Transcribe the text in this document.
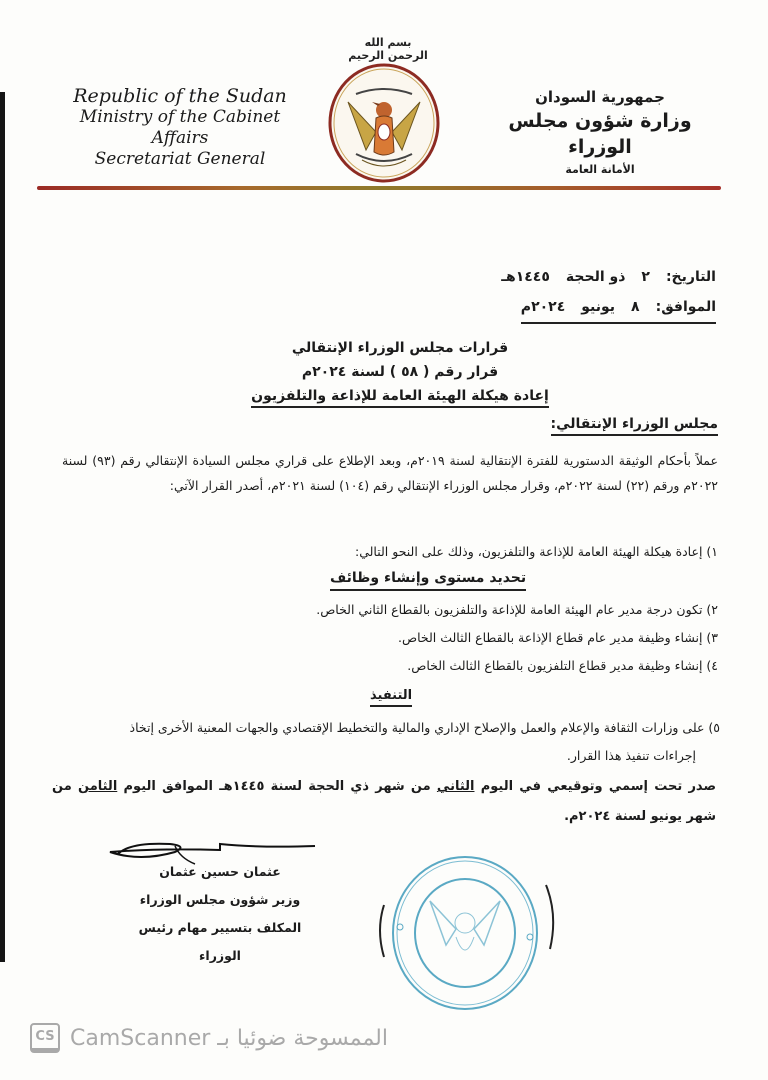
Republic of the Sudan
Ministry of the Cabinet Affairs
Secretariat General
بسم الله الرحمن الرحيم
جمهورية السودان
وزارة شؤون مجلس الوزراء
الأمانة العامة
التاريخ:
٢
ذو الحجة
١٤٤٥هـ
الموافق:
٨
يونيو
٢٠٢٤م
قرارات مجلس الوزراء الإنتقالي
قرار رقم ( ٥٨ ) لسنة ٢٠٢٤م
إعادة هيكلة الهيئة العامة للإذاعة والتلفزيون
مجلس الوزراء الإنتقالي:
عملاً بأحكام الوثيقة الدستورية للفترة الإنتقالية لسنة ٢٠١٩م، وبعد الإطلاع على قراري مجلس السيادة الإنتقالي رقم (٩٣) لسنة ٢٠٢٢م ورقم (٢٢) لسنة ٢٠٢٢م، وقرار مجلس الوزراء الإنتقالي رقم (١٠٤) لسنة ٢٠٢١م، أصدر القرار الآتي:
١) إعادة هيكلة الهيئة العامة للإذاعة والتلفزيون، وذلك على النحو التالي:
تحديد مستوى وإنشاء وظائف
٢) تكون درجة مدير عام الهيئة العامة للإذاعة والتلفزيون بالقطاع الثاني الخاص.
٣) إنشاء وظيفة مدير عام قطاع الإذاعة بالقطاع الثالث الخاص.
٤) إنشاء وظيفة مدير قطاع التلفزيون بالقطاع الثالث الخاص.
التنفيذ
٥) على وزارات الثقافة والإعلام والعمل والإصلاح الإداري والمالية والتخطيط الإقتصادي والجهات المعنية الأخرى إتخاذ
إجراءات تنفيذ هذا القرار.
صدر تحت إسمي وتوقيعي في اليوم الثاني من شهر ذي الحجة لسنة ١٤٤٥هـ الموافق اليوم الثامن من شهر يونيو لسنة ٢٠٢٤م.
عثمان حسين عثمان
وزير شؤون مجلس الوزراء
المكلف بتسيير مهام رئيس الوزراء
CS الممسوحة ضوئيا بـ CamScanner
